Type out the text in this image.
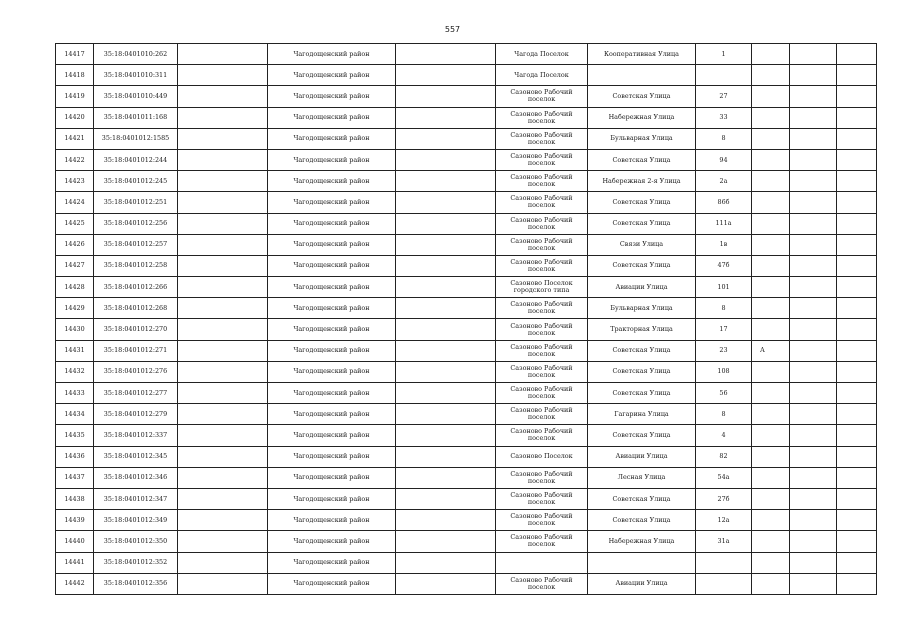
557
14417	35:18:0401010:262		Чагодощенский район		Чагода Поселок	Кооперативная Улица	1			
14418	35:18:0401010:311		Чагодощенский район		Чагода Поселок					
14419	35:18:0401010:449		Чагодощенский район		Сазоново Рабочий поселок	Советская Улица	27			
14420	35:18:0401011:168		Чагодощенский район		Сазоново Рабочий поселок	Набережная Улица	33			
14421	35:18:0401012:1585		Чагодощенский район		Сазоново Рабочий поселок	Бульварная Улица	8			
14422	35:18:0401012:244		Чагодощенский район		Сазоново Рабочий поселок	Советская Улица	94			
14423	35:18:0401012:245		Чагодощенский район		Сазоново Рабочий поселок	Набережная 2-я Улица	2а			
14424	35:18:0401012:251		Чагодощенский район		Сазоново Рабочий поселок	Советская Улица	86б			
14425	35:18:0401012:256		Чагодощенский район		Сазоново Рабочий поселок	Советская Улица	111а			
14426	35:18:0401012:257		Чагодощенский район		Сазоново Рабочий поселок	Связи Улица	1в			
14427	35:18:0401012:258		Чагодощенский район		Сазоново Рабочий поселок	Советская Улица	47б			
14428	35:18:0401012:266		Чагодощенский район		Сазоново Поселок городского типа	Авиации Улица	101			
14429	35:18:0401012:268		Чагодощенский район		Сазоново Рабочий поселок	Бульварная Улица	8			
14430	35:18:0401012:270		Чагодощенский район		Сазоново Рабочий поселок	Тракторная Улица	17			
14431	35:18:0401012:271		Чагодощенский район		Сазоново Рабочий поселок	Советская Улица	23	А		
14432	35:18:0401012:276		Чагодощенский район		Сазоново Рабочий поселок	Советская Улица	108			
14433	35:18:0401012:277		Чагодощенский район		Сазоново Рабочий поселок	Советская Улица	56			
14434	35:18:0401012:279		Чагодощенский район		Сазоново Рабочий поселок	Гагарина Улица	8			
14435	35:18:0401012:337		Чагодощенский район		Сазоново Рабочий поселок	Советская Улица	4			
14436	35:18:0401012:345		Чагодощенский район		Сазоново Поселок	Авиации Улица	82			
14437	35:18:0401012:346		Чагодощенский район		Сазоново Рабочий поселок	Лесная Улица	54а			
14438	35:18:0401012:347		Чагодощенский район		Сазоново Рабочий поселок	Советская Улица	27б			
14439	35:18:0401012:349		Чагодощенский район		Сазоново Рабочий поселок	Советская Улица	12а			
14440	35:18:0401012:350		Чагодощенский район		Сазоново Рабочий поселок	Набережная Улица	31а			
14441	35:18:0401012:352		Чагодощенский район							
14442	35:18:0401012:356		Чагодощенский район		Сазоново Рабочий поселок	Авиации Улица				
